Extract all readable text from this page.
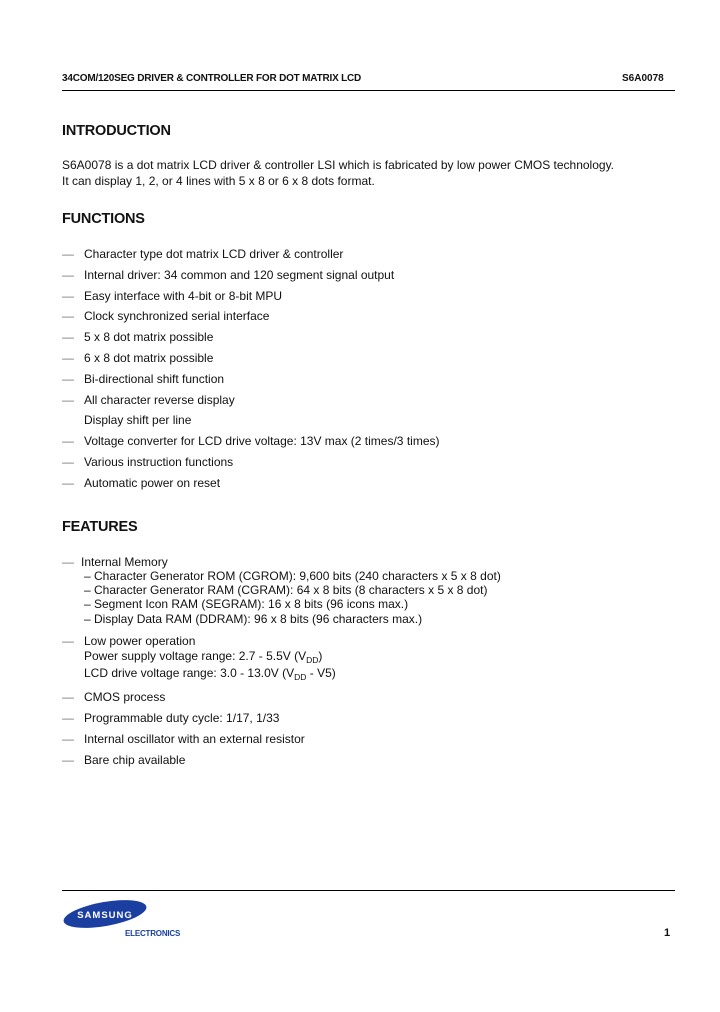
34COM/120SEG DRIVER & CONTROLLER FOR DOT MATRIX LCD	S6A0078
INTRODUCTION
S6A0078 is a dot matrix LCD driver & controller LSI which is fabricated by low power CMOS technology.
It can display 1, 2, or 4 lines with 5 x 8 or 6 x 8 dots format.
FUNCTIONS
— Character type dot matrix LCD driver & controller
— Internal driver: 34 common and 120 segment signal output
— Easy interface with 4-bit or 8-bit MPU
— Clock synchronized serial interface
— 5 x 8 dot matrix possible
— 6 x 8 dot matrix possible
— Bi-directional shift function
— All character reverse display
Display shift per line
— Voltage converter for LCD drive voltage: 13V max (2 times/3 times)
— Various instruction functions
— Automatic power on reset
FEATURES
— Internal Memory
– Character Generator ROM (CGROM): 9,600 bits (240 characters x 5 x 8 dot)
– Character Generator RAM (CGRAM): 64 x 8 bits (8 characters x 5 x 8 dot)
– Segment Icon RAM (SEGRAM): 16 x 8 bits (96 icons max.)
– Display Data RAM (DDRAM): 96 x 8 bits (96 characters max.)
— Low power operation
Power supply voltage range: 2.7 - 5.5V $(V_{DD})$
LCD drive voltage range: 3.0 - 13.0V $(V_{DD} - V5)$
— CMOS process
— Programmable duty cycle: 1/17, 1/33
— Internal oscillator with an external resistor
— Bare chip available
SAMSUNG
ELECTRONICS	1
